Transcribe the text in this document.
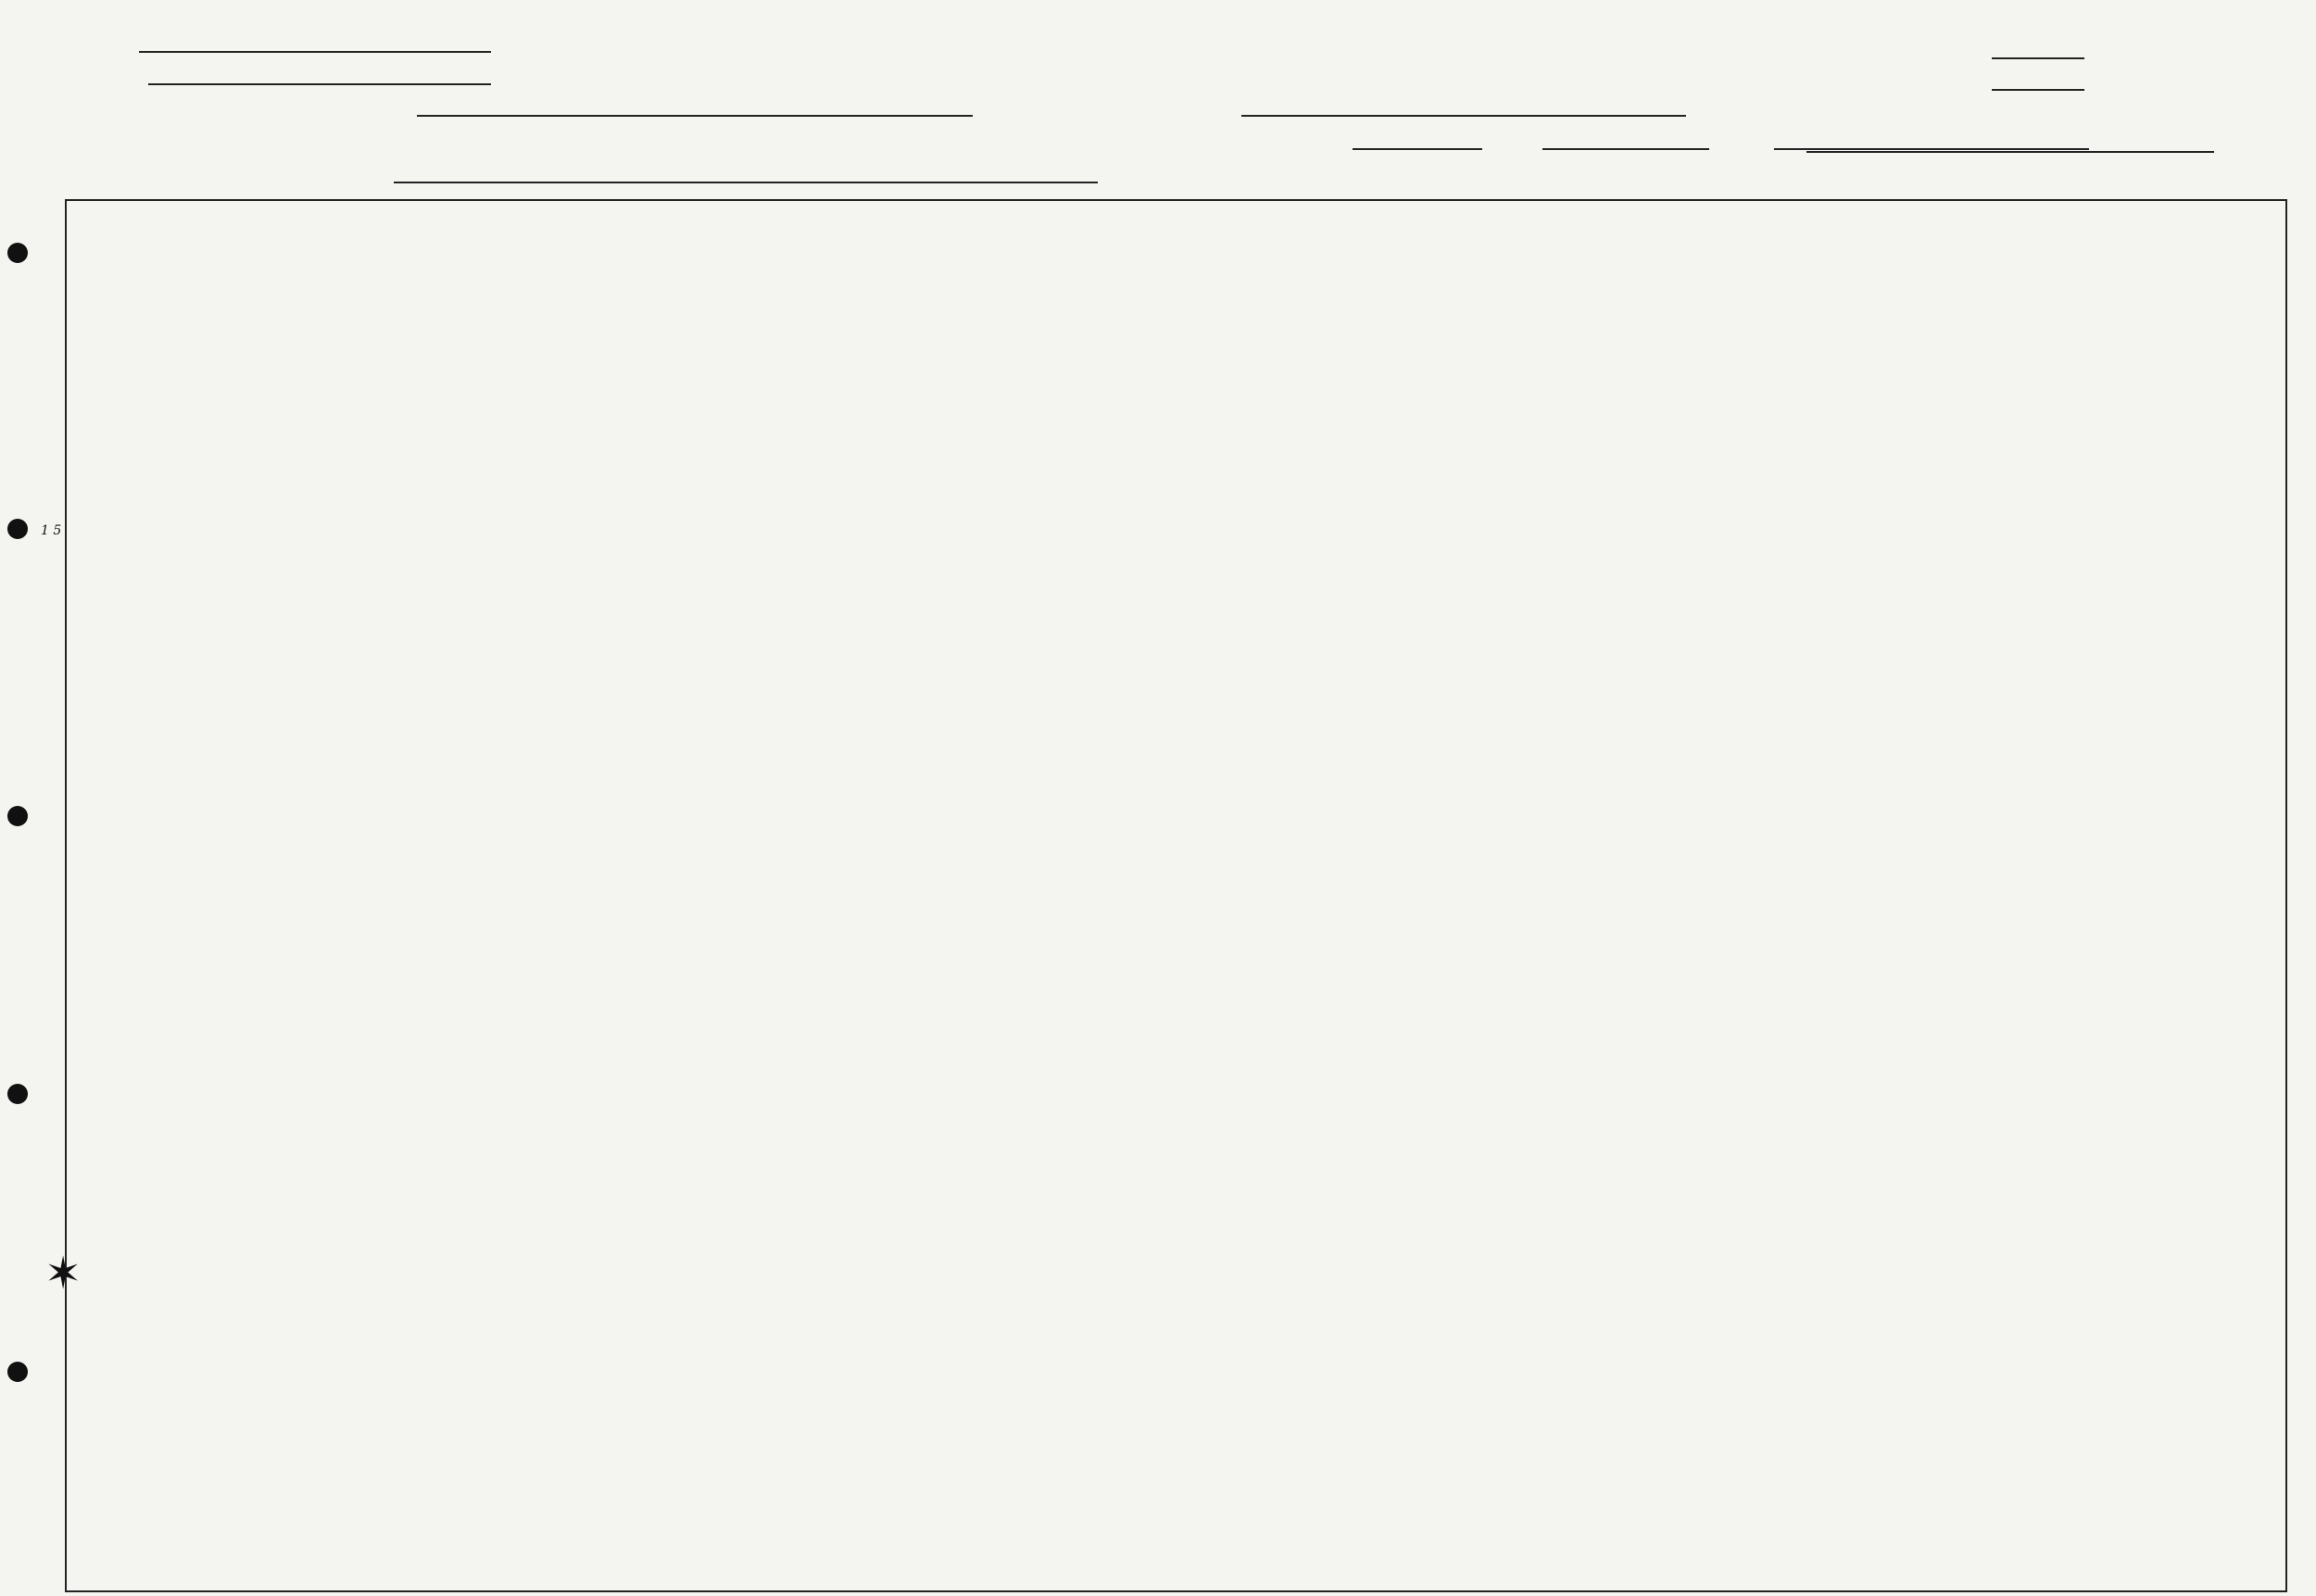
1 5
✶
